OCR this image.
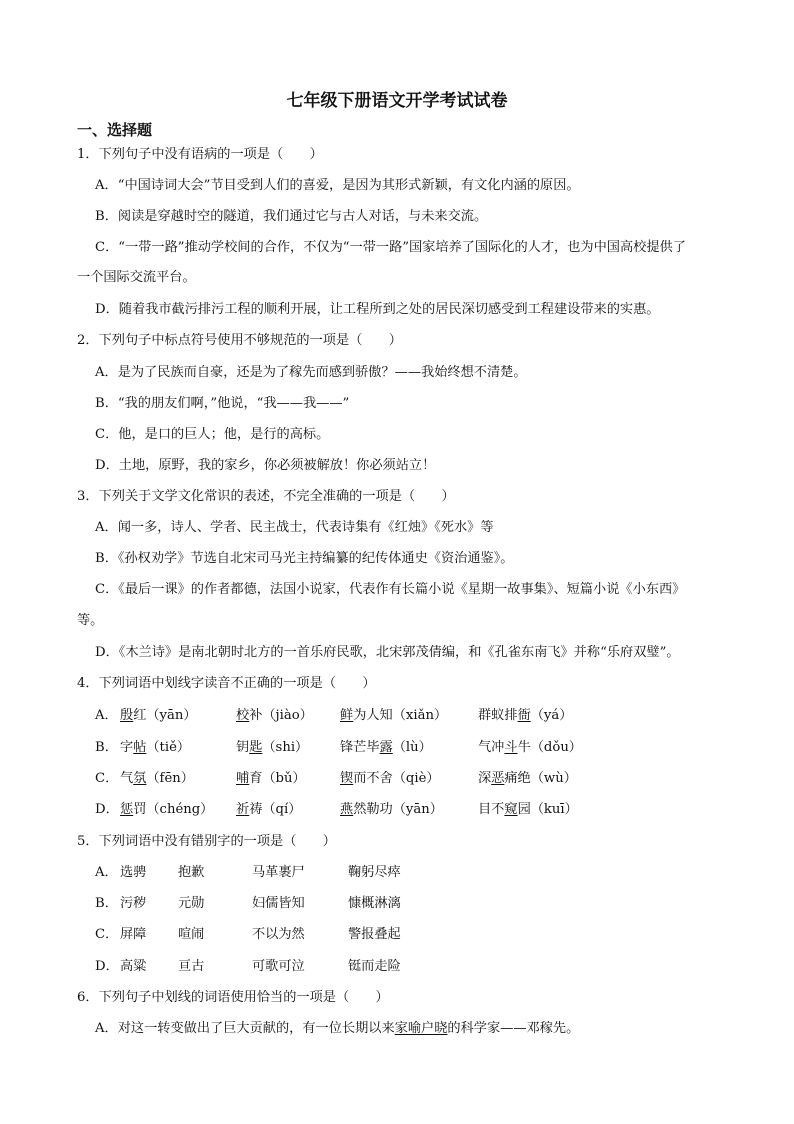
七年级下册语文开学考试试卷
一、选择题
1．下列句子中没有语病的一项是（　　）
A．“中国诗词大会”节目受到人们的喜爱，是因为其形式新颖，有文化内涵的原因。
B．阅读是穿越时空的隧道，我们通过它与古人对话，与未来交流。
C．“一带一路”推动学校间的合作，不仅为“一带一路”国家培养了国际化的人才，也为中国高校提供了
一个国际交流平台。
D．随着我市截污排污工程的顺利开展，让工程所到之处的居民深切感受到工程建设带来的实惠。
2．下列句子中标点符号使用不够规范的一项是（　　）
A．是为了民族而自豪，还是为了稼先而感到骄傲？——我始终想不清楚。
B．“我的朋友们啊，”他说，“我——我——”
C．他，是口的巨人；他，是行的高标。
D．土地，原野，我的家乡，你必须被解放！你必须站立！
3．下列关于文学文化常识的表述，不完全准确的一项是（　　）
A．闻一多，诗人、学者、民主战士，代表诗集有《红烛》《死水》等
B．《孙权劝学》节选自北宋司马光主持编纂的纪传体通史《资治通鉴》。
C．《最后一课》的作者都德，法国小说家，代表作有长篇小说《星期一故事集》、短篇小说《小东西》
等。
D．《木兰诗》是南北朝时北方的一首乐府民歌，北宋郭茂倩编，和《孔雀东南飞》并称“乐府双璧”。
4．下列词语中划线字读音不正确的一项是（　　）
A． 殷红（yān）	校补（jiào） 鲜为人知（xiǎn） 群蚁排衙（yá）
B． 字帖（tiě）	钥匙（shi） 锋芒毕露（lù）	气冲斗牛（dǒu）
C． 气氛（fēn）	哺育（bǔ）	锲而不舍（qiè）	深恶痛绝（wù）
D． 惩罚（chéng） 祈祷（qí）	燕然勒功（yān）	目不窥园（kuī）
5．下列词语中没有错别字的一项是（　　）
A． 选骋 抱歉	马革裹尸	鞠躬尽瘁
B． 污秽 元勋	妇儒皆知	慷概淋漓
C． 屏障 喧闹	不以为然	警报叠起
D． 高粱 亘古	可歌可泣	铤而走险
6．下列句子中划线的词语使用恰当的一项是（　　）
A．对这一转变做出了巨大贡献的，有一位长期以来家喻户晓的科学家——邓稼先。
